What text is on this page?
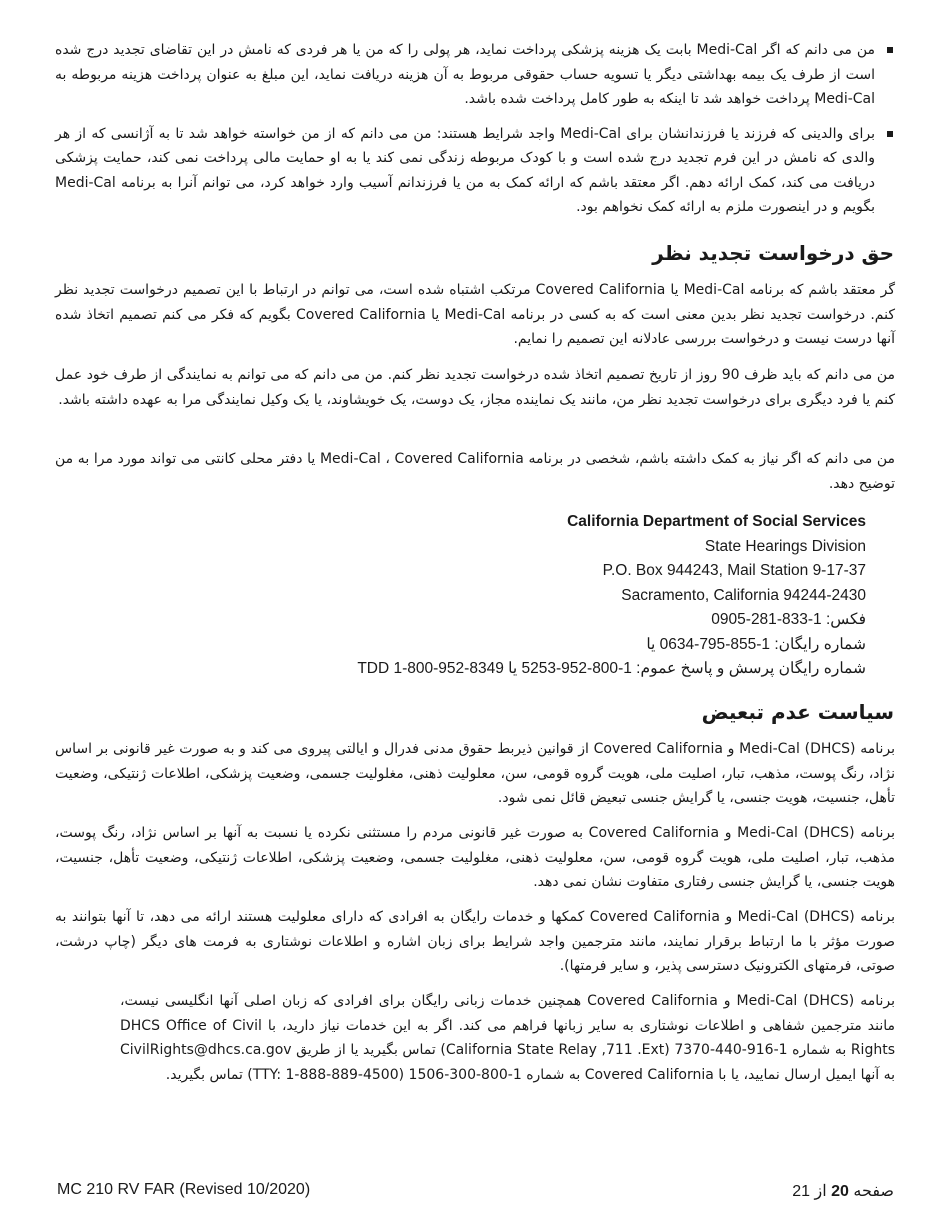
من می دانم که اگر Medi-Cal بابت یک هزینه پزشکی پرداخت نماید، هر پولی را که من یا هر فردی که نامش در این تقاضای تجدید درج شده است از طرف یک بیمه بهداشتی دیگر یا تسویه حساب حقوقی مربوط به آن هزینه دریافت نماید، این مبلغ به عنوان پرداخت هزینه مربوطه به Medi-Cal پرداخت خواهد شد تا اینکه به طور کامل پرداخت شده باشد.

برای والدینی که فرزند یا فرزندانشان برای Medi-Cal واجد شرایط هستند: من می دانم که از من خواسته خواهد شد تا به آژانسی که از هر والدی که نامش در این فرم تجدید درج شده است و با کودک مربوطه زندگی نمی کند یا به او حمایت مالی پرداخت نمی کند، حمایت پزشکی دریافت می کند، کمک ارائه دهم. اگر معتقد باشم که ارائه کمک به من یا فرزندانم آسیب وارد خواهد کرد، می توانم آنرا به برنامه Medi-Cal بگویم و در اینصورت ملزم به ارائه کمک نخواهم بود.

حق درخواست تجدید نظر

گر معتقد باشم که برنامه Medi-Cal یا Covered California مرتکب اشتباه شده است، می توانم در ارتباط با این تصمیم درخواست تجدید نظر کنم. درخواست تجدید نظر بدین معنی است که به کسی در برنامه Medi-Cal یا Covered California بگویم که فکر می کنم تصمیم اتخاذ شده آنها درست نیست و درخواست بررسی عادلانه این تصمیم را نمایم.

من می دانم که باید ظرف 90 روز از تاریخ تصمیم اتخاذ شده درخواست تجدید نظر کنم. من می دانم که می توانم به نمایندگی از طرف خود عمل کنم یا فرد دیگری برای درخواست تجدید نظر من، مانند یک نماینده مجاز، یک دوست، یک خویشاوند، یا یک وکیل نمایندگی مرا به عهده داشته باشد.

من می دانم که اگر نیاز به کمک داشته باشم، شخصی در برنامه Medi-Cal ، Covered California یا دفتر محلی کانتی می تواند مورد مرا به من توضیح دهد.

California Department of Social Services
State Hearings Division
P.O. Box 944243, Mail Station 9-17-37
Sacramento, California 94244-2430
فکس: 1-833-281-0905
شماره رایگان: 1-855-795-0634 یا
شماره رایگان پرسش و پاسخ عموم: 1-800-952-5253 یا TDD 1-800-952-8349
سیاست عدم تبعیض

برنامه (Medi-Cal (DHCS و Covered California از قوانین ذیربط حقوق مدنی فدرال و ایالتی پیروی می کند و به صورت غیر قانونی بر اساس نژاد، رنگ پوست، مذهب، تبار، اصلیت ملی، هویت گروه قومی، سن، معلولیت ذهنی، مغلولیت جسمی، وضعیت پزشکی، اطلاعات ژنتیکی، وضعیت تأهل، جنسیت، هویت جنسی، یا گرایش جنسی تبعیض قائل نمی شود.

برنامه (Medi-Cal (DHCS و Covered California به صورت غیر قانونی مردم را مستثنی نکرده یا نسبت به آنها بر اساس نژاد، رنگ پوست، مذهب، تبار، اصلیت ملی، هویت گروه قومی، سن، معلولیت ذهنی، مغلولیت جسمی، وضعیت پزشکی، اطلاعات ژنتیکی، وضعیت تأهل، جنسیت، هویت جنسی، یا گرایش جنسی رفتاری متفاوت نشان نمی دهد.

برنامه (Medi-Cal (DHCS و Covered California کمکها و خدمات رایگان به افرادی که دارای معلولیت هستند ارائه می دهد، تا آنها بتوانند به صورت مؤثر با ما ارتباط برقرار نمایند، مانند مترجمین واجد شرایط برای زبان اشاره و اطلاعات نوشتاری به فرمت های دیگر (چاپ درشت، صوتی، فرمتهای الکترونیک دسترسی پذیر، و سایر فرمتها).

برنامه (Medi-Cal (DHCS و Covered California همچنین خدمات زبانی رایگان برای افرادی که زبان اصلی آنها انگلیسی نیست، مانند مترجمین شفاهی و اطلاعات نوشتاری به سایر زبانها فراهم می کند. اگر به این خدمات نیاز دارید، با DHCS Office of Civil Rights به شماره 1-916-440-7370 (California State Relay ,711 .Ext) تماس بگیرید یا از طریق CivilRights@dhcs.ca.gov به آنها ایمیل ارسال نمایید، یا با Covered California به شماره 1-800-300-1506 (TTY: 1-888-889-4500) تماس بگیرید.

MC 210 RV FAR (Revised 10/2020)	صفحه 20 از 21
